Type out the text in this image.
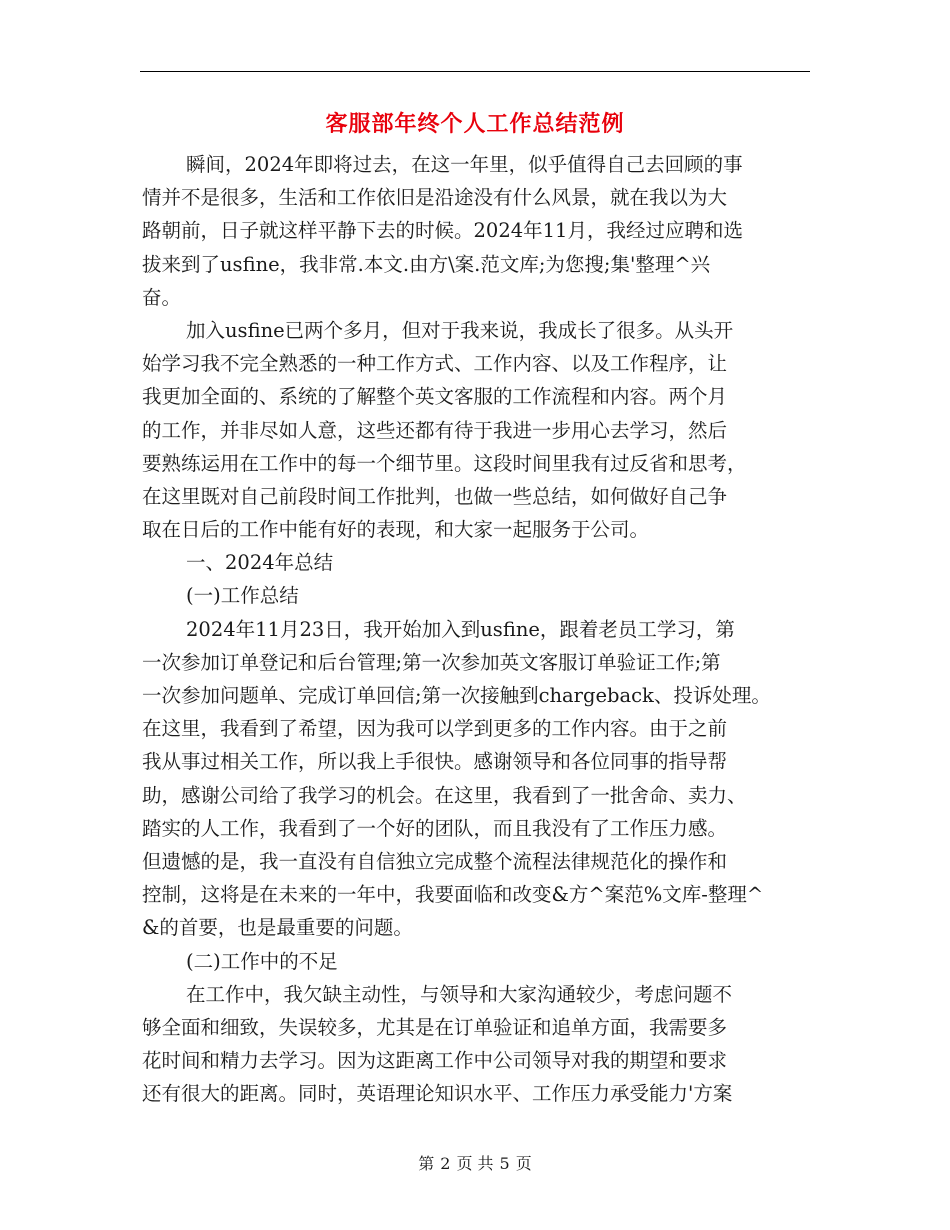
客服部年终个人工作总结范例
瞬间，2024年即将过去，在这一年里，似乎值得自己去回顾的事
情并不是很多，生活和工作依旧是沿途没有什么风景，就在我以为大
路朝前，日子就这样平静下去的时候。2024年11月，我经过应聘和选
拔来到了usfine，我非常.本文.由方\案.范文库;为您搜;集'整理^兴
奋。
加入usfine已两个多月，但对于我来说，我成长了很多。从头开
始学习我不完全熟悉的一种工作方式、工作内容、以及工作程序，让
我更加全面的、系统的了解整个英文客服的工作流程和内容。两个月
的工作，并非尽如人意，这些还都有待于我进一步用心去学习，然后
要熟练运用在工作中的每一个细节里。这段时间里我有过反省和思考，
在这里既对自己前段时间工作批判，也做一些总结，如何做好自己争
取在日后的工作中能有好的表现，和大家一起服务于公司。
一、2024年总结
(一)工作总结
2024年11月23日，我开始加入到usfine，跟着老员工学习，第
一次参加订单登记和后台管理;第一次参加英文客服订单验证工作;第
一次参加问题单、完成订单回信;第一次接触到chargeback、投诉处理。
在这里，我看到了希望，因为我可以学到更多的工作内容。由于之前
我从事过相关工作，所以我上手很快。感谢领导和各位同事的指导帮
助，感谢公司给了我学习的机会。在这里，我看到了一批舍命、卖力、
踏实的人工作，我看到了一个好的团队，而且我没有了工作压力感。
但遗憾的是，我一直没有自信独立完成整个流程法律规范化的操作和
控制，这将是在未来的一年中，我要面临和改变&方^案范%文库-整理^
&的首要，也是最重要的问题。
(二)工作中的不足
在工作中，我欠缺主动性，与领导和大家沟通较少，考虑问题不
够全面和细致，失误较多，尤其是在订单验证和追单方面，我需要多
花时间和精力去学习。因为这距离工作中公司领导对我的期望和要求
还有很大的距离。同时，英语理论知识水平、工作压力承受能力'方案
第 2 页 共 5 页
